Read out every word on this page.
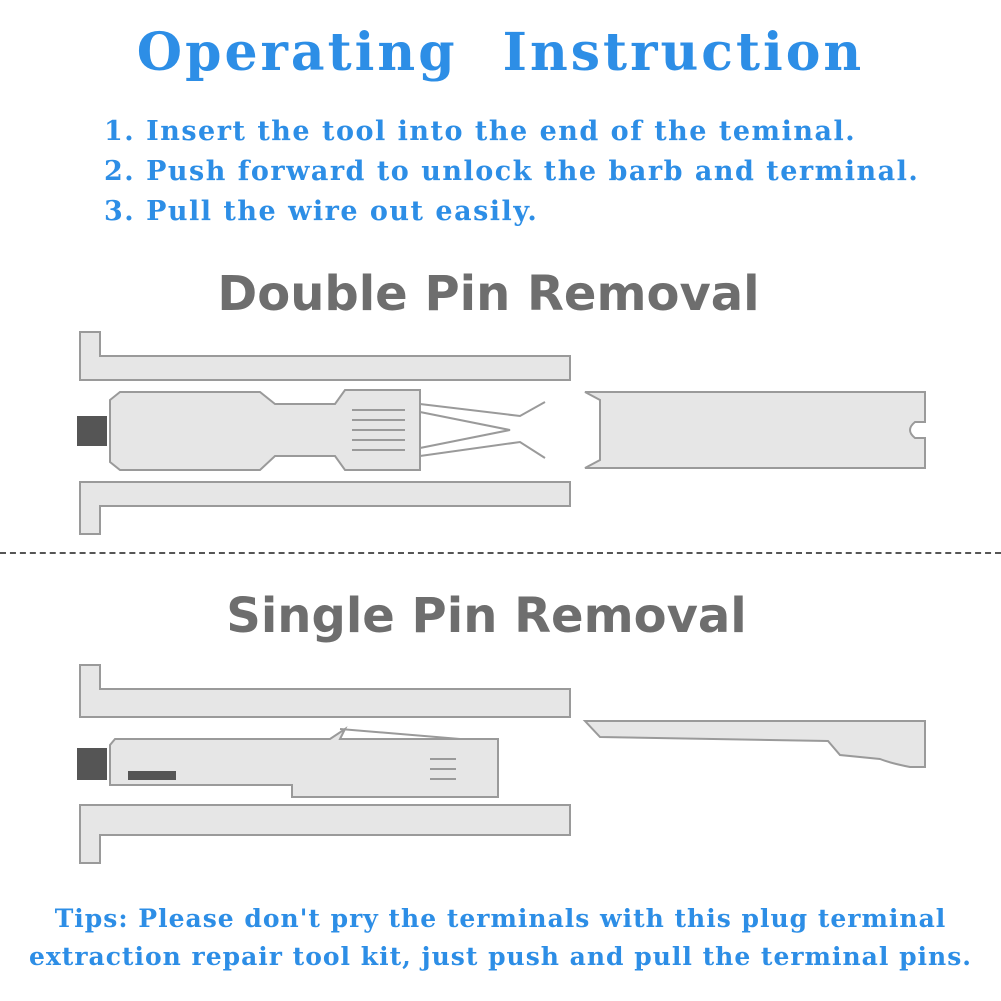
Operating Instruction
1. Insert the tool into the end of the teminal.
2. Push forward to unlock the barb and terminal.
3. Pull the wire out easily.
Double Pin Removal
Single Pin Removal

Tips: Please don't pry the terminals with this plug terminal
extraction repair tool kit, just push and pull the terminal pins.
